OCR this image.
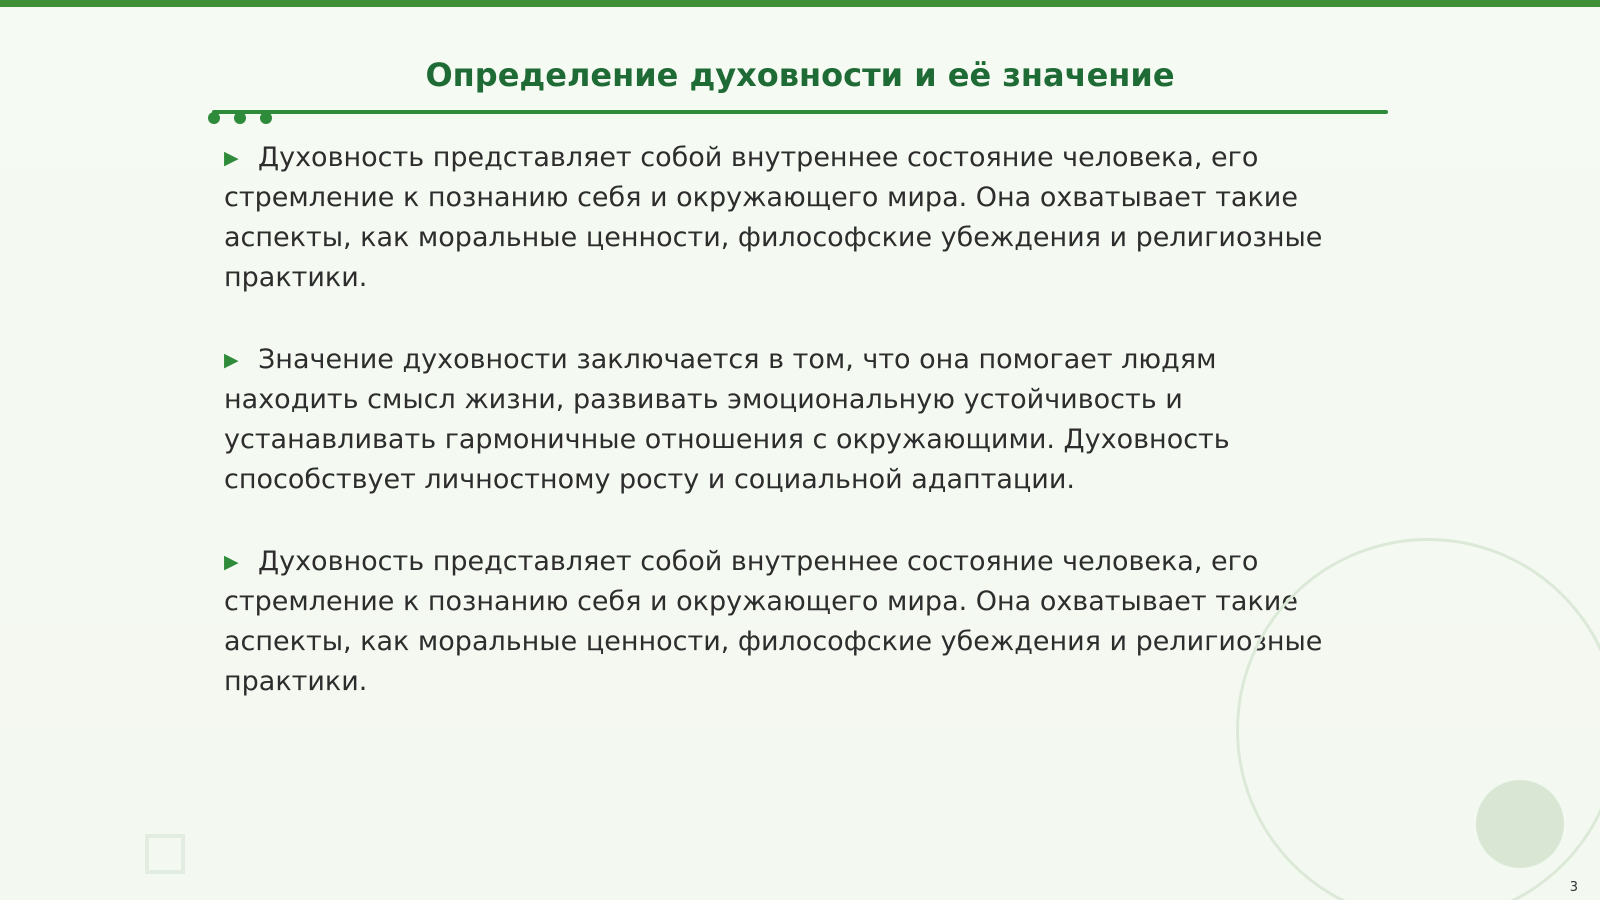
Определение духовности и её значение
▶ Духовность представляет собой внутреннее состояние человека, его стремление к познанию себя и окружающего мира. Она охватывает такие аспекты, как моральные ценности, философские убеждения и религиозные практики.
▶ Значение духовности заключается в том, что она помогает людям находить смысл жизни, развивать эмоциональную устойчивость и устанавливать гармоничные отношения с окружающими. Духовность способствует личностному росту и социальной адаптации.
▶ Духовность представляет собой внутреннее состояние человека, его стремление к познанию себя и окружающего мира. Она охватывает такие аспекты, как моральные ценности, философские убеждения и религиозные практики.
3
